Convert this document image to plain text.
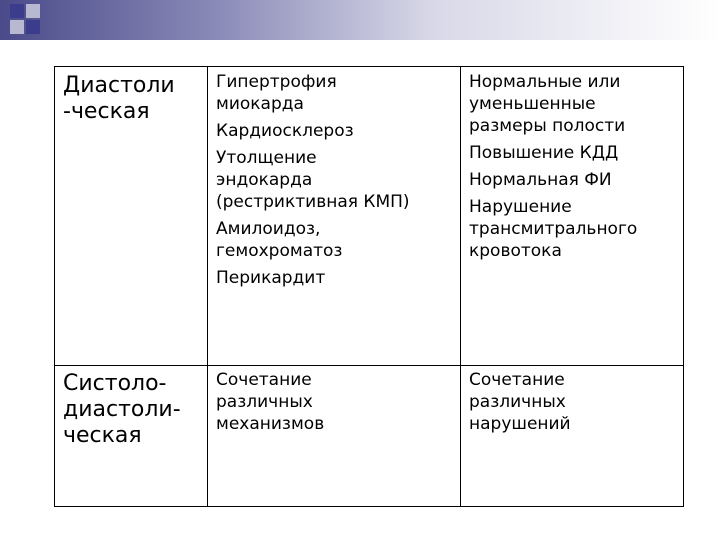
Диастоли
-ческая
Гипертрофия
миокарда
Кардиосклероз
Утолщение
эндокарда
(рестриктивная КМП)
Амилоидоз,
гемохроматоз
Перикардит
Нормальные или
уменьшенные
размеры полости
Повышение КДД
Нормальная ФИ
Нарушение
трансмитрального
кровотока
Систоло-
диастоли-
ческая
Сочетание
различных
механизмов
Сочетание
различных
нарушений
